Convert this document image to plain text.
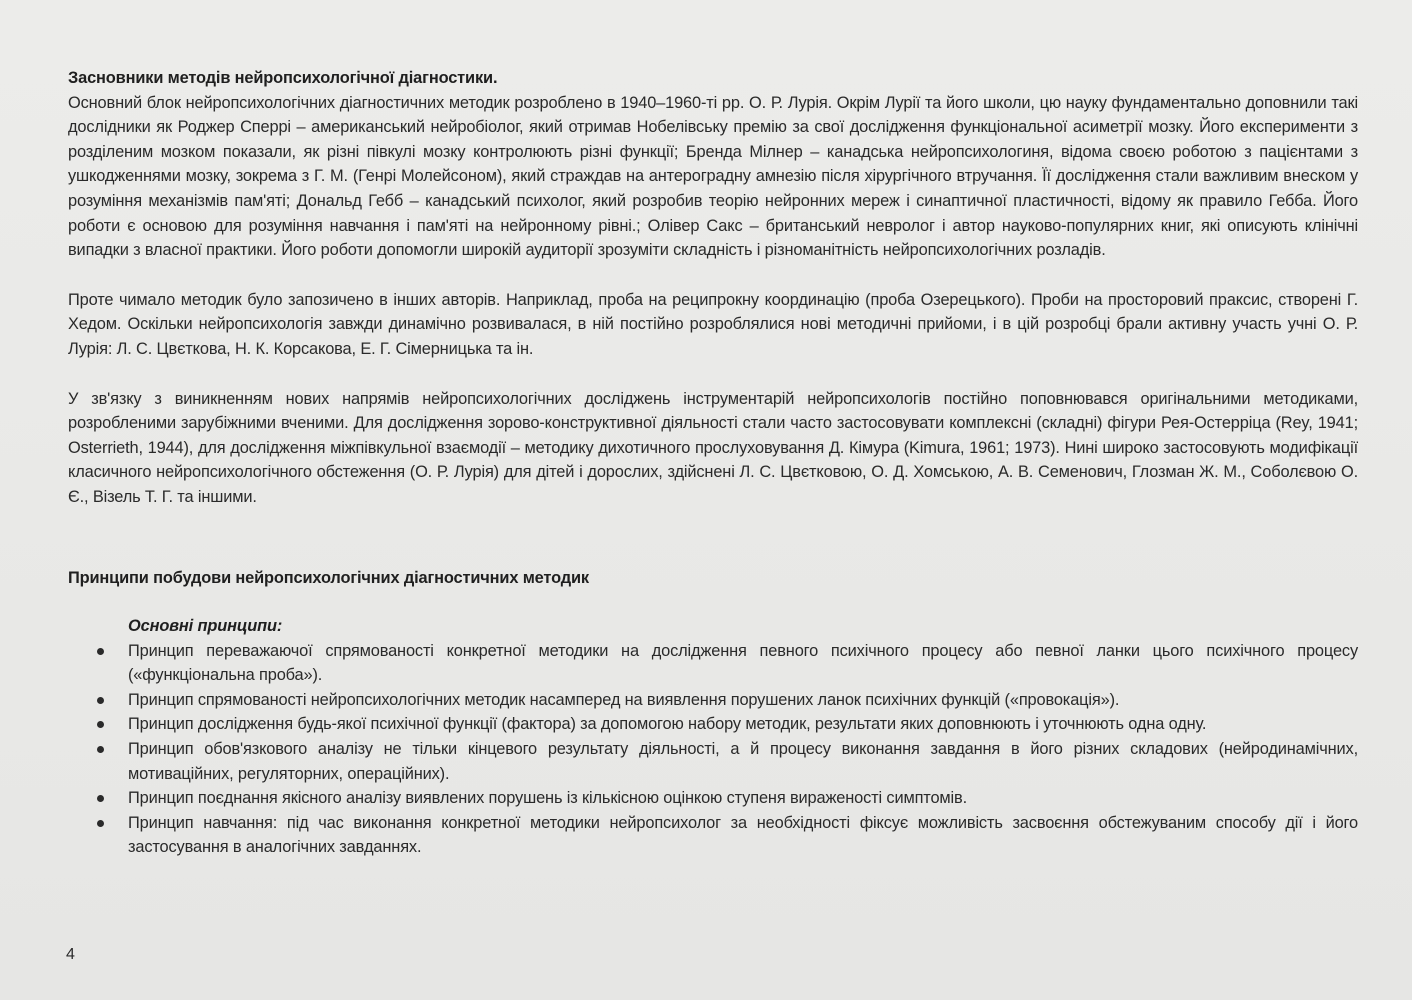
Засновники методів нейропсихологічної діагностики.

Основний блок нейропсихологічних діагностичних методик розроблено в 1940–1960-ті рр. О. Р. Лурія. Окрім Лурії та його школи, цю науку фундаментально доповнили такі дослідники як Роджер Сперрі – американський нейробіолог, який отримав Нобелівську премію за свої дослідження функціональної асиметрії мозку. Його експерименти з розділеним мозком показали, як різні півкулі мозку контролюють різні функції; Бренда Мілнер – канадська нейропсихологиня, відома своєю роботою з пацієнтами з ушкодженнями мозку, зокрема з Г. М. (Генрі Молейсоном), який страждав на антероградну амнезію після хірургічного втручання. Її дослідження стали важливим внеском у розуміння механізмів пам'яті; Дональд Гебб – канадський психолог, який розробив теорію нейронних мереж і синаптичної пластичності, відому як правило Гебба. Його роботи є основою для розуміння навчання і пам'яті на нейронному рівні.; Олівер Сакс – британський невролог і автор науково-популярних книг, які описують клінічні випадки з власної практики. Його роботи допомогли широкій аудиторії зрозуміти складність і різноманітність нейропсихологічних розладів.

Проте чимало методик було запозичено в інших авторів. Наприклад, проба на реципрокну координацію (проба Озерецького). Проби на просторовий праксис, створені Г. Хедом. Оскільки нейропсихологія завжди динамічно розвивалася, в ній постійно розроблялися нові методичні прийоми, і в цій розробці брали активну участь учні О. Р. Лурія: Л. С. Цвєткова, Н. К. Корсакова, Е. Г. Сімерницька та ін.

У зв'язку з виникненням нових напрямів нейропсихологічних досліджень інструментарій нейропсихологів постійно поповнювався оригінальними методиками, розробленими зарубіжними вченими. Для дослідження зорово-конструктивної діяльності стали часто застосовувати комплексні (складні) фігури Рея-Остерріца (Rey, 1941; Osterrieth, 1944), для дослідження міжпівкульної взаємодії – методику дихотичного прослуховування Д. Кімура (Kimura, 1961; 1973). Нині широко застосовують модифікації класичного нейропсихологічного обстеження (О. Р. Лурія) для дітей і дорослих, здійснені Л. С. Цвєтковою, О. Д. Хомською, А. В. Семенович, Глозман Ж. М., Соболєвою О. Є., Візель Т. Г. та іншими.

Принципи побудови нейропсихологічних діагностичних методик

Основні принципи:

Принцип переважаючої спрямованості конкретної методики на дослідження певного психічного процесу або певної ланки цього психічного процесу («функціональна проба»).
Принцип спрямованості нейропсихологічних методик насамперед на виявлення порушених ланок психічних функцій («провокація»).
Принцип дослідження будь-якої психічної функції (фактора) за допомогою набору методик, результати яких доповнюють і уточнюють одна одну.
Принцип обов'язкового аналізу не тільки кінцевого результату діяльності, а й процесу виконання завдання в його різних складових (нейродинамічних, мотиваційних, регуляторних, операційних).
Принцип поєднання якісного аналізу виявлених порушень із кількісною оцінкою ступеня вираженості симптомів.
Принцип навчання: під час виконання конкретної методики нейропсихолог за необхідності фіксує можливість засвоєння обстежуваним способу дії і його застосування в аналогічних завданнях.
4
